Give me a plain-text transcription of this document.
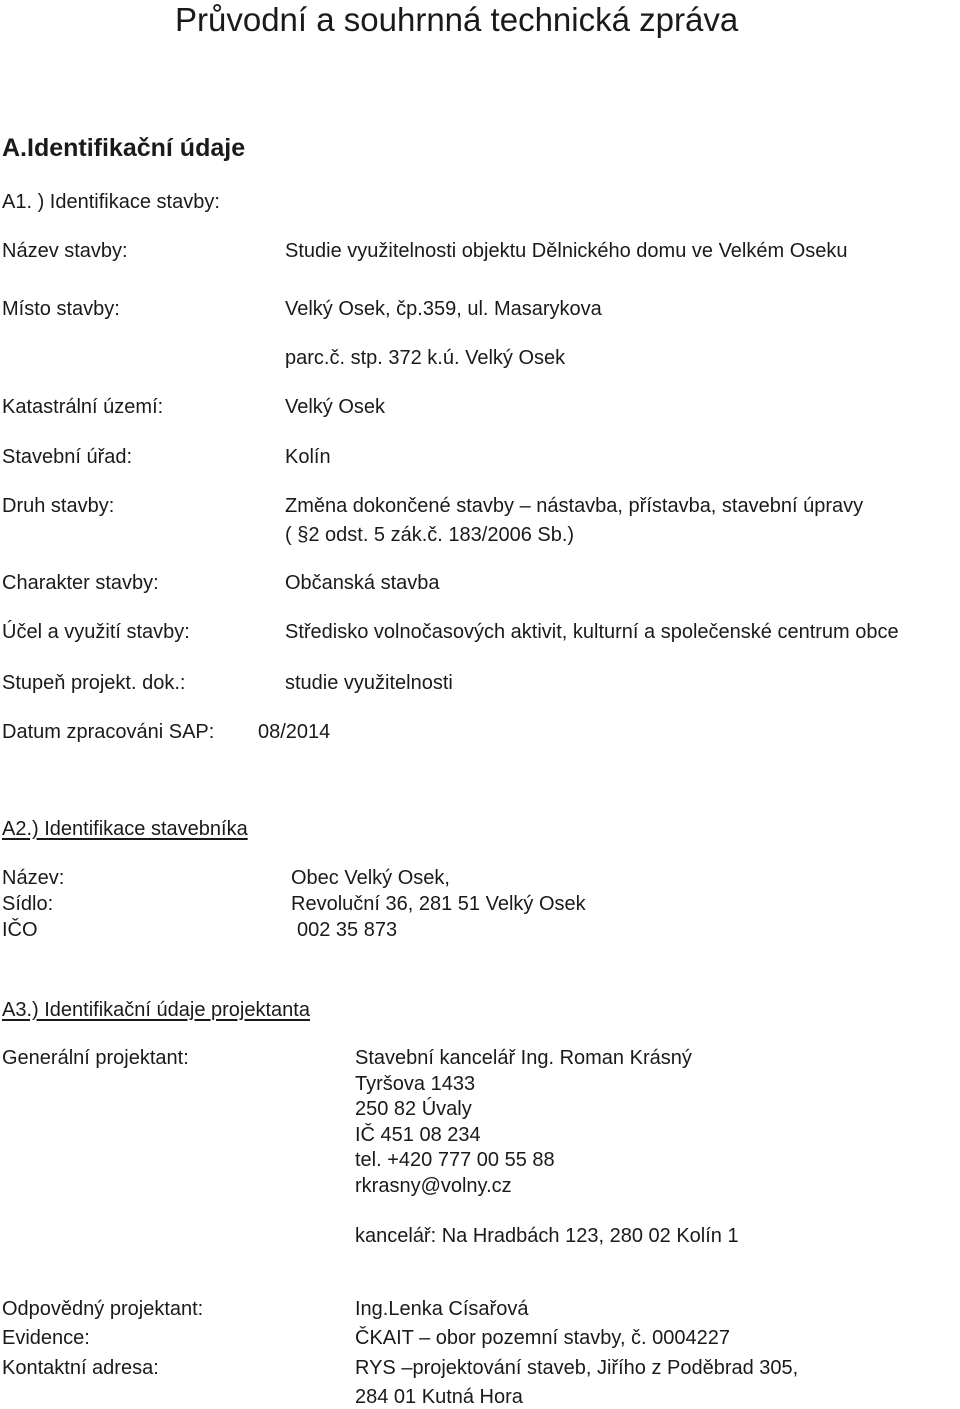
Průvodní a souhrnná technická zpráva
A.Identifikační údaje
A1. ) Identifikace stavby:
Název stavby:	Studie využitelnosti objektu Dělnického domu ve Velkém Oseku
Místo stavby:	Velký Osek, čp.359, ul. Masarykova
parc.č. stp. 372 k.ú. Velký Osek
Katastrální území:	Velký Osek
Stavební úřad:	Kolín
Druh stavby:	Změna dokončené stavby – nástavba, přístavba, stavební úpravy
( §2 odst. 5 zák.č. 183/2006 Sb.)
Charakter stavby:	Občanská stavba
Účel a využití stavby:	Středisko volnočasových aktivit, kulturní a společenské centrum obce
Stupeň projekt. dok.:	studie využitelnosti
Datum zpracováni SAP: 08/2014
A2.) Identifikace stavebníka
Název:	Obec Velký Osek,
Sídlo:	Revoluční 36, 281 51 Velký Osek
IČO	002 35 873
A3.) Identifikační údaje projektanta
Generální projektant:	Stavební kancelář Ing. Roman Krásný
Tyršova 1433
250 82 Úvaly
IČ 451 08 234
tel. +420 777 00 55 88
rkrasny@volny.cz
kancelář: Na Hradbách 123, 280 02 Kolín 1
Odpovědný projektant:	Ing.Lenka Císařová
Evidence:	ČKAIT – obor pozemní stavby, č. 0004227
Kontaktní adresa:	RYS –projektování staveb, Jiřího z Poděbrad 305,
284 01 Kutná Hora
